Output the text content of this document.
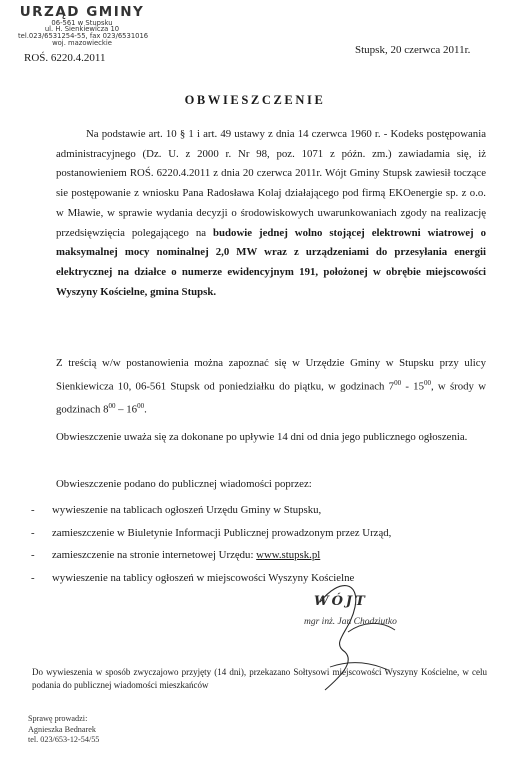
URZĄD GMINY
06-561 w Stupsku
ul. H. Sienkiewicza 10
tel.023/6531254-55, fax 023/6531016
woj. mazowieckie
ROŚ. 6220.4.2011
Stupsk, 20 czerwca 2011r.
OBWIESZCZENIE

Na podstawie art. 10 § 1 i art. 49 ustawy z dnia 14 czerwca 1960 r. - Kodeks postępowania administracyjnego (Dz. U. z 2000 r. Nr 98, poz. 1071 z późn. zm.) zawiadamia się, iż postanowieniem ROŚ. 6220.4.2011 z dnia 20 czerwca 2011r. Wójt Gminy Stupsk zawiesił toczące sie postępowanie z wniosku Pana Radosława Kolaj działającego pod firmą EKOenergie sp. z o.o. w Mławie, w sprawie wydania decyzji o środowiskowych uwarunkowaniach zgody na realizację przedsięwzięcia polegającego na budowie jednej wolno stojącej elektrowni wiatrowej o maksymalnej mocy nominalnej 2,0 MW wraz z urządzeniami do przesyłania energii elektrycznej na działce o numerze ewidencyjnym 191, położonej w obrębie miejscowości Wyszyny Kościelne, gmina Stupsk.

Z treścią w/w postanowienia można zapoznać się w Urzędzie Gminy w Stupsku przy ulicy Sienkiewicza 10, 06-561 Stupsk od poniedziałku do piątku, w godzinach $7^{00} - 15^{00}$, w środy w godzinach $8^{00} - 16^{00}$.

Obwieszczenie uważa się za dokonane po upływie 14 dni od dnia jego publicznego ogłoszenia.

Obwieszczenie podano do publicznej wiadomości poprzez:

- wywieszenie na tablicach ogłoszeń Urzędu Gminy w Stupsku,
- zamieszczenie w Biuletynie Informacji Publicznej prowadzonym przez Urząd,
- zamieszczenie na stronie internetowej Urzędu: www.stupsk.pl
- wywieszenie na tablicy ogłoszeń w miejscowości Wyszyny Kościelne
WÓJT
mgr inż. Jan Chodziutko
Do wywieszenia w sposób zwyczajowo przyjęty (14 dni), przekazano Sołtysowi miejscowości Wyszyny Kościelne, w celu podania do publicznej wiadomości mieszkańców
Sprawę prowadzi:
Agnieszka Bednarek
tel. 023/653-12-54/55
